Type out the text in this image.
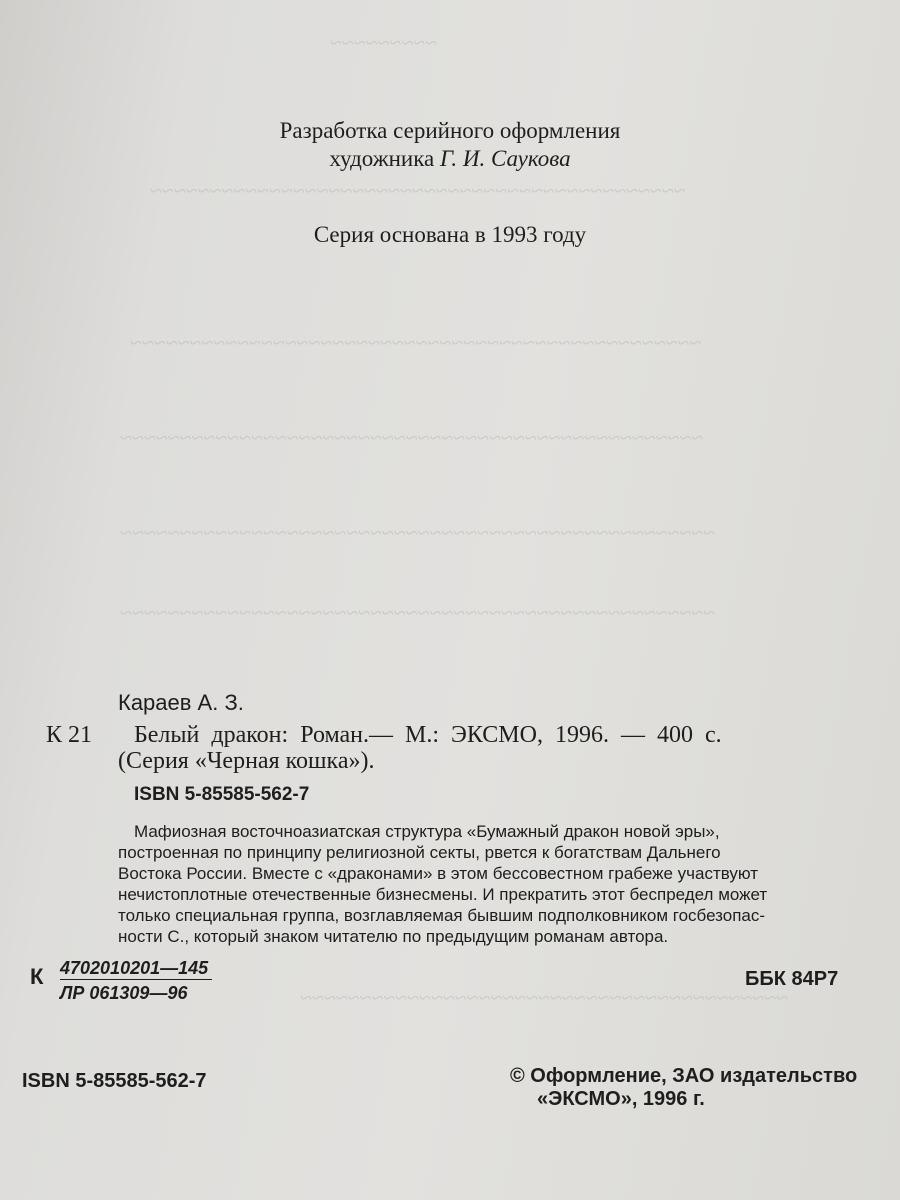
~~~~~~~~~
~~~~~~~~~~~~~~~~~~~~~~~~~~~~~~~~~~~~~~~~~~~~~
~~~~~~~~~~~~~~~~~~~~~~~~~~~~~~~~~~~~~~~~~~~~~~~~
~~~~~~~~~~~~~~~~~~~~~~~~~~~~~~~~~~~~~~~~~~~~~~~~~
~~~~~~~~~~~~~~~~~~~~~~~~~~~~~~~~~~~~~~~~~~~~~~~~~~
~~~~~~~~~~~~~~~~~~~~~~~~~~~~~~~~~~~~~~~~~~~~~~~~~~
~~~~~~~~~~~~~~~~~~~~~~~~~~~~~~~~~~~~~~~~~
Разработка серийного оформления
художника Г. И. Саукова
Серия основана в 1993 году
Караев А. З.
К 21 Белый дракон: Роман.— М.: ЭКСМО, 1996. — 400 с.
(Серия «Черная кошка»).
ISBN 5-85585-562-7
Мафиозная восточноазиатская структура «Бумажный дракон новой эры»,
построенная по принципу религиозной секты, рвется к богатствам Дальнего
Востока России. Вместе с «драконами» в этом бессовестном грабеже участвуют
нечистоплотные отечественные бизнесмены. И прекратить этот беспредел может
только специальная группа, возглавляемая бывшим подполковником госбезопас-
ности С., который знаком читателю по предыдущим романам автора.
К 4702010201—145
ЛР 061309—96
ББК 84Р7
ISBN 5-85585-562-7	© Оформление, ЗАО издательство
«ЭКСМО», 1996 г.
